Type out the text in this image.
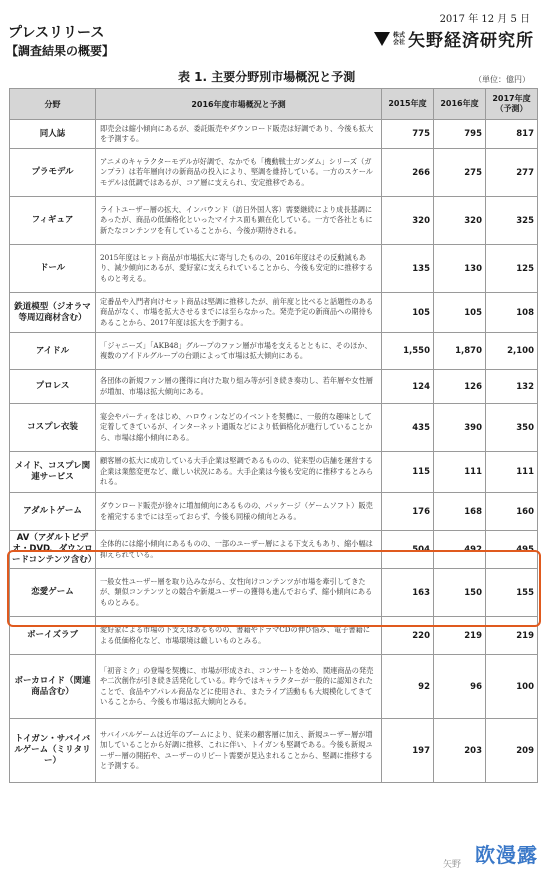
2017 年 12 月 5 日
プレスリリース
【調査結果の概要】
株式
会社 矢野経済研究所
表 1. 主要分野別市場概況と予測	（単位：億円）
分野	2016年度市場概況と予測	2015年度	2016年度	2017年度
（予測）
同人誌	即売会は縮小傾向にあるが、委託販売やダウンロード販売は好調であり、今後も拡大を予測する。	775	795	817
プラモデル	アニメのキャラクターモデルが好調で、なかでも「機動戦士ガンダム」シリーズ（ガンプラ）は若年層向けの新商品の投入により、堅調を維持している。一方のスケールモデルは低調ではあるが、コア層に支えられ、安定推移である。	266	275	277
フィギュア	ライトユーザー層の拡大、インバウンド（訪日外国人客）需要継続により成長基調にあったが、商品の低価格化といったマイナス面も顕在化している。一方で各社ともに新たなコンテンツを有していることから、今後が期待される。	320	320	325
ドール	2015年度はヒット商品が市場拡大に寄与したものの、2016年度はその反動減もあり、減少傾向にあるが、愛好家に支えられていることから、今後も安定的に推移するものと考える。	135	130	125
鉄道模型（ジオラマ等周辺商材含む）	定番品や入門者向けセット商品は堅調に推移したが、前年度と比べると話題性のある商品がなく、市場を拡大させるまでには至らなかった。発売予定の新商品への期待もあることから、2017年度は拡大を予測する。	105	105	108
アイドル	「ジャニーズ」「AKB48」グループのファン層が市場を支えるとともに、そのほか、複数のアイドルグループの台頭によって市場は拡大傾向にある。	1,550	1,870	2,100
プロレス	各団体の新規ファン層の獲得に向けた取り組み等が引き続き奏功し、若年層や女性層が増加、市場は拡大傾向にある。	124	126	132
コスプレ衣装	宴会やパーティをはじめ、ハロウィンなどのイベントを契機に、一般的な趣味として定着してきているが、インターネット通販などにより低価格化が進行していることから、市場は縮小傾向にある。	435	390	350
メイド、コスプレ関連サービス	顧客層の拡大に成功している大手企業は堅調であるものの、従来型の店舗を運営する企業は業態変更など、厳しい状況にある。大手企業は今後も安定的に推移するとみられる。	115	111	111
アダルトゲーム	ダウンロード販売が徐々に増加傾向にあるものの、パッケージ（ゲームソフト）販売を補完するまでには至っておらず、今後も同様の傾向とみる。	176	168	160
AV（アダルトビデオ・DVD、ダウンロードコンテンツ含む）	全体的には縮小傾向にあるものの、一部のユーザー層による下支えもあり、縮小幅は抑えられている。	504	492	495
恋愛ゲーム	一般女性ユーザー層を取り込みながら、女性向けコンテンツが市場を牽引してきたが、類似コンテンツとの競合や新規ユーザーの獲得も進んでおらず、縮小傾向にあるものとみる。	163	150	155
ボーイズラブ	愛好家による市場の下支えはあるものの、書籍やドラマCDの伸び悩み、電子書籍による低価格化など、市場環境は厳しいものとみる。	220	219	219
ボーカロイド（関連商品含む）	「初音ミク」の登場を契機に、市場が形成され、コンサートを始め、関連商品の発売や二次創作が引き続き活発化している。昨今ではキャラクターが一般的に認知されたことで、食品やアパレル商品などに使用され、またライブ活動もも大規模化してきていることから、今後も市場は拡大傾向とみる。	92	96	100
トイガン・サバイバルゲーム（ミリタリー）	サバイバルゲームは近年のブームにより、従来の顧客層に加え、新規ユーザー層が増加していることから好調に推移、これに伴い、トイガンも堅調である。今後も新規ユーザー層の開拓や、ユーザーのリピート需要が見込まれることから、堅調に推移すると予測する。	197	203	209
矢野 欧漫露
